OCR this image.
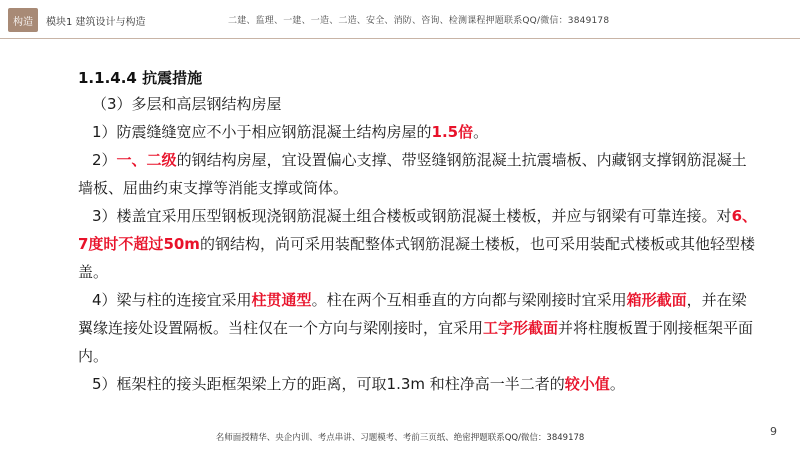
构造 模块1 建筑设计与构造	二建、监理、一建、一造、二造、安全、消防、咨询、检测课程押题联系QQ/微信：3849178
1.1.4.4 抗震措施
（3）多层和高层钢结构房屋
1）防震缝缝宽应不小于相应钢筋混凝土结构房屋的1.5倍。
2）一、二级的钢结构房屋，宜设置偏心支撑、带竖缝钢筋混凝土抗震墙板、内藏钢支撑钢筋混凝土墙板、屈曲约束支撑等消能支撑或筒体。
3）楼盖宜采用压型钢板现浇钢筋混凝土组合楼板或钢筋混凝土楼板，并应与钢梁有可靠连接。对6、7度时不超过50m的钢结构，尚可采用装配整体式钢筋混凝土楼板，也可采用装配式楼板或其他轻型楼盖。
4）梁与柱的连接宜采用柱贯通型。柱在两个互相垂直的方向都与梁刚接时宜采用箱形截面，并在梁翼缘连接处设置隔板。当柱仅在一个方向与梁刚接时，宜采用工字形截面并将柱腹板置于刚接框架平面内。
5）框架柱的接头距框架梁上方的距离，可取1.3m 和柱净高一半二者的较小值。
名师面授精华、央企内训、考点串讲、习题模考、考前三页纸、绝密押题联系QQ/微信：3849178	9
